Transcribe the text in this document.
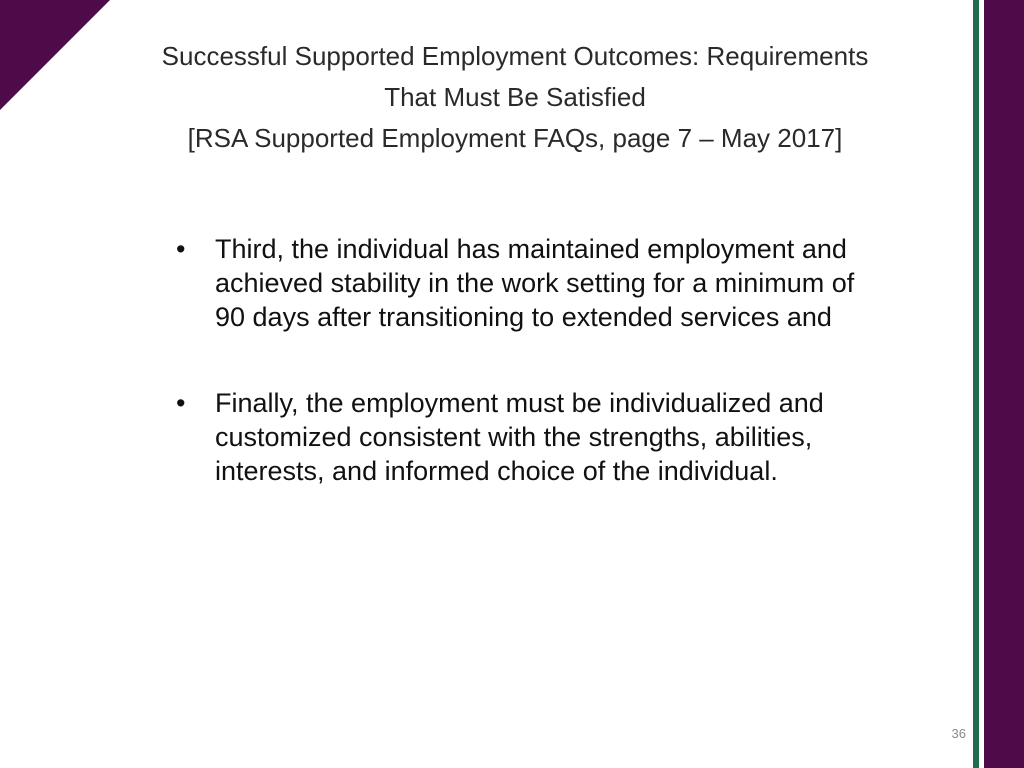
Successful Supported Employment Outcomes: Requirements
That Must Be Satisfied
[RSA Supported Employment FAQs, page 7 – May 2017]
• Third, the individual has maintained employment and achieved stability in the work setting for a minimum of 90 days after transitioning to extended services and
• Finally, the employment must be individualized and customized consistent with the strengths, abilities, interests, and informed choice of the individual.
36
